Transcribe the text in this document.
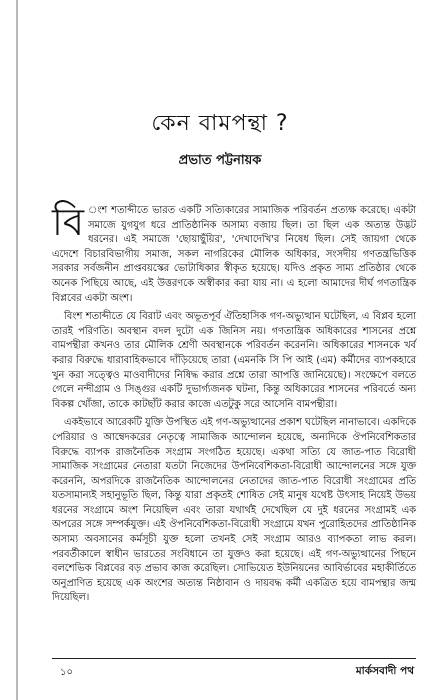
কেন বামপন্থা ?
প্রভাত পট্টনায়ক

বি ংশ শতাব্দীতে ভারত একটি সত্যিকারের সামাজিক পরিবর্তন প্রত্যক্ষ করেছে। একটা সমাজে যুগযুগ ধরে প্রাতিষ্ঠানিক অসাম্য বজায় ছিল। তা ছিল এক অত্যন্ত উদ্ভট ধরনের। এই সমাজে 'ছোয়াছুঁয়ির', 'দেখাদেখি'র নিষেধ ছিল। সেই জায়গা থেকে এদেশে বিচারবিভাগীয় সমাজ, সকল নাগরিকের মৌলিক অধিকার, সংসদীয় গণতন্ত্রভিত্তিক সরকার সর্বজনীন প্রাপ্তবয়স্কের ভোটাধিকার স্বীকৃত হয়েছে। যদিও প্রকৃত সাম্য প্রতিষ্ঠার থেকে অনেক পিছিয়ে আছে, এই উত্তরণকে অস্বীকার করা যায় না। এ হলো আমাদের দীর্ঘ গণতান্ত্রিক বিপ্লবের একটা অংশ।

বিংশ শতাব্দীতে যে বিরাট এবং অভূতপূর্ব ঐতিহাসিক গণ-অভ্যুত্থান ঘটেছিল, এ বিপ্লব হলো তারই পরিণতি। অবস্থান বদল দুটো এক জিনিস নয়। গণতান্ত্রিক অধিকারের শাসনের প্রশ্নে বামপন্থীরা কখনও তার মৌলিক শ্রেণী অবস্থানকে পরিবর্তন করেননি। অধিকারের শাসনকে খর্ব করার বিরুদ্ধে ধারাবাহিকভাবে দাঁড়িয়েছে তারা (এমনকি সি পি আই (এম) কর্মীদের ব্যাপকহারে খুন করা সত্ত্বেও মাওবাদীদের নিষিদ্ধ করার প্রশ্নে তারা আপত্তি জানিয়েছে)। সংক্ষেপে বলতে গেলে নন্দীগ্রাম ও সিঙ্গুর একটি দুভার্গ্যজনক ঘটনা, কিন্তু অধিকারের শাসনের পরিবর্তে অন্য বিকল্প খোঁজা, তাকে কাটছাঁট করার কাজে এতটুকু সরে আসেনি বামপন্থীরা।

একইভাবে আরেকটি যুক্তি উপস্থিত এই গণ-অভ্যুত্থানের প্রকাশ ঘটেছিল নানাভাবে। একদিকে পেরিয়ার ও আম্বেদকরের নেতৃত্বে সামাজিক আন্দোলন হয়েছে, অন্যদিকে ঔপনিবেশিকতার বিরুদ্ধে ব্যাপক রাজনৈতিক সংগ্রাম সংগঠিত হয়েছে। একথা সত্যি যে জাত-পাত বিরোধী সামাজিক সংগ্রামের নেতারা যতটা নিজেদের উপনিবেশিকতা-বিরোধী আন্দোলনের সঙ্গে যুক্ত করেননি, অপরদিকে রাজনৈতিক আন্দোলনের নেতাদের জাত-পাত বিরোধী সংগ্রামের প্রতি যতসামান্যই সহানুভূতি ছিল, কিন্তু যারা প্রকৃতই শোষিত সেই মানুষ যথেষ্ট উৎসাহ নিয়েই উভয় ধরনের সংগ্রামে অংশ নিয়েছিল এবং তারা যথার্থই দেখেছিল যে দুই ধরনের সংগ্রামই এক অপরের সঙ্গে সম্পর্কযুক্ত। এই ঔপনিবেশিকতা-বিরোধী সংগ্রামে যখন পুরোহিতদের প্রাতিষ্ঠানিক অসাম্য অবসানের কর্মসূচী যুক্ত হলো তখনই সেই সংগ্রাম আরও ব্যাপকতা লাভ করল। পরবর্তীকালে স্বাধীন ভারতের সংবিধানে তা যুক্তও করা হয়েছে। এই গণ-অভ্যুত্থানের পিছনে বলশেভিক বিপ্লবের বড় প্রভাব কাজ করেছিল। সোভিয়েত ইউনিয়নের আবির্ভাবের মহাকীর্তিতে অনুপ্রাণিত হয়েছে এক অংশের অত্যন্ত নিষ্ঠাবান ও দায়বদ্ধ কর্মী একত্রিত হয়ে বামপন্থার জন্ম দিয়েছিল।

১০	মার্কসবাদী পথ
